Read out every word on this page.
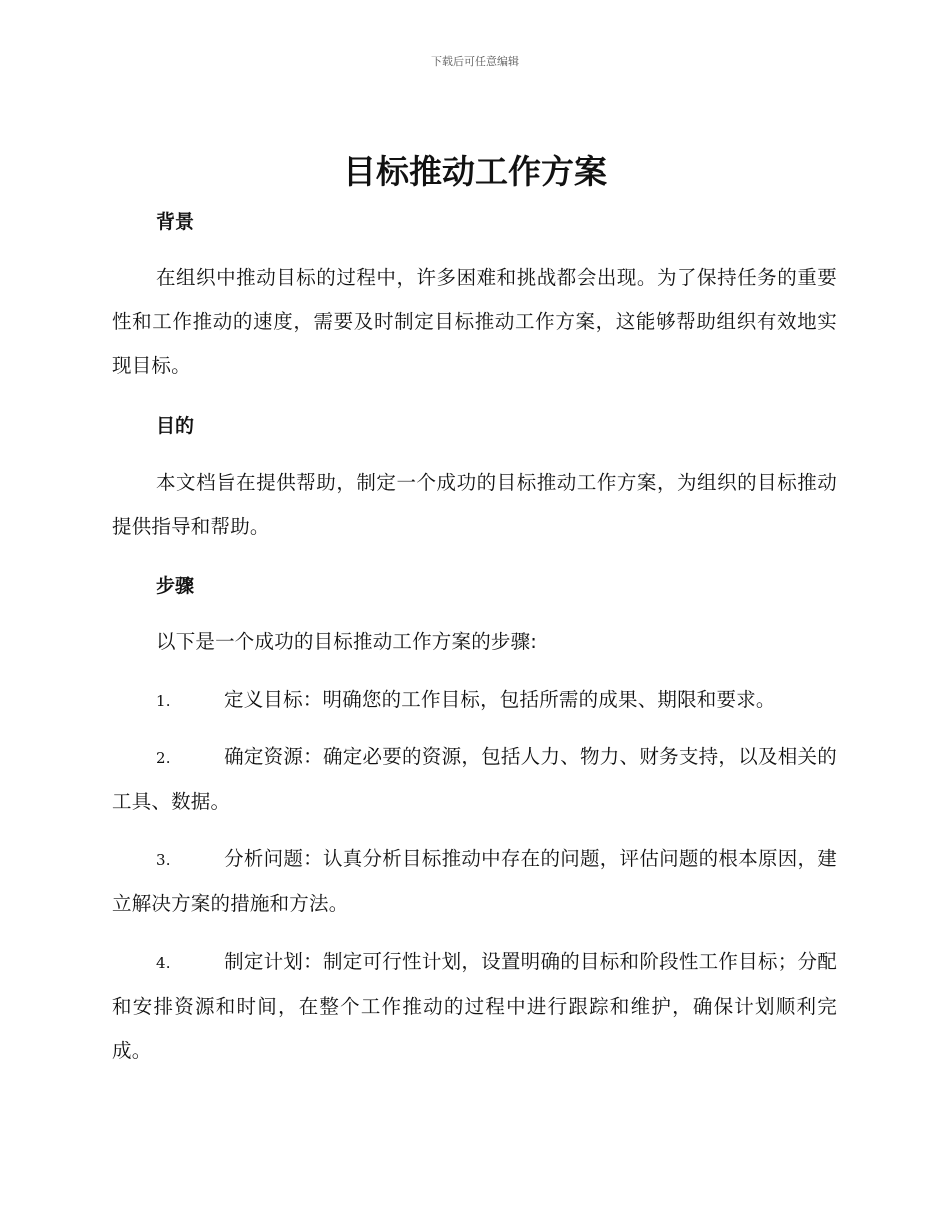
下载后可任意编辑
目标推动工作方案

背景

在组织中推动目标的过程中，许多困难和挑战都会出现。为了保持任务的重要性和工作推动的速度，需要及时制定目标推动工作方案，这能够帮助组织有效地实现目标。

目的

本文档旨在提供帮助，制定一个成功的目标推动工作方案，为组织的目标推动提供指导和帮助。

步骤

以下是一个成功的目标推动工作方案的步骤:

1.	定义目标：明确您的工作目标，包括所需的成果、期限和要求。

2.	确定资源：确定必要的资源，包括人力、物力、财务支持，以及相关的工具、数据。

3.	分析问题：认真分析目标推动中存在的问题，评估问题的根本原因，建立解决方案的措施和方法。

4.	制定计划：制定可行性计划，设置明确的目标和阶段性工作目标；分配和安排资源和时间，在整个工作推动的过程中进行跟踪和维护，确保计划顺利完成。
